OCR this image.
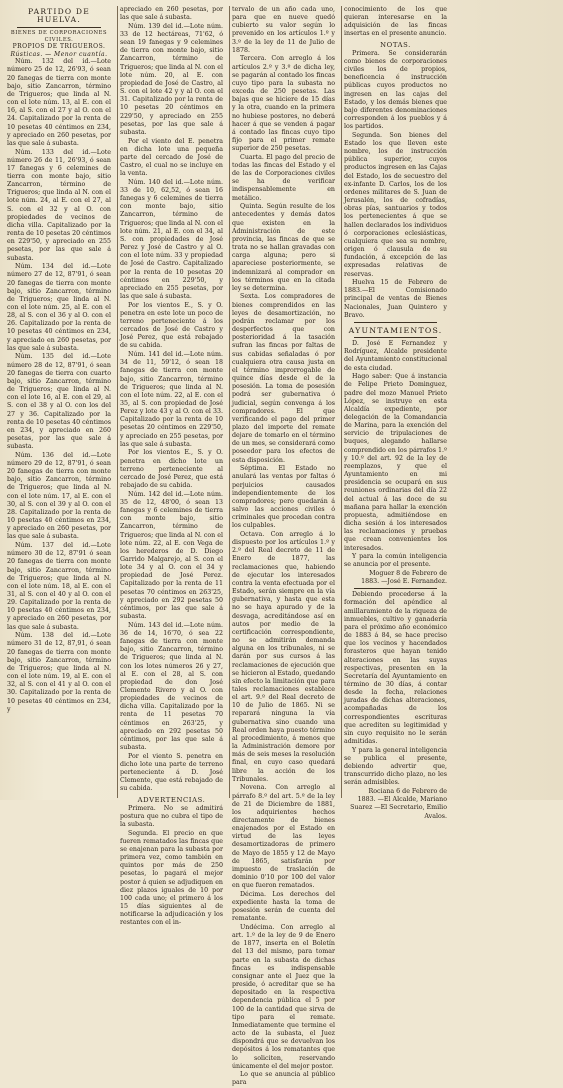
PARTIDO DE HUELVA.
BIENES DE CORPORACIONES CIVILES.
PROPIOS DE TRIGUEROS.
Rústicas. — Menor cuantía.

Núm. 132 del id.—Lote número 25 de 12, 26'93, ó sean 20 fanegas de tierra con monte bajo, sitio Zancarron, término de Trigueros; que linda al N. con el lote núm. 13, al E. con el 16, al S. con el 27 y al O. con el 24. Capitalizado por la renta de 10 pesetas 40 céntimos en 234, y apreciado en 260 pesetas, por las que sale á subasta.

Núm. 133 del id.—Lote número 26 de 11, 26'93, ó sean 17 fanegas y 6 celemines de tierra con monte bajo, sitio Zancarron, término de Trigueros; que linda al N. con el lote núm. 24, al E. con el 27, al S. con el 32 y al O. con propiedades de vecinos de dicha villa. Capitalizado por la renta de 10 pesetas 20 céntimos en 229'50, y apreciado en 255 pesetas, por las que sale á subasta.

Núm. 134 del id.—Lote número 27 de 12, 87'91, ó sean 20 fanegas de tierra con monte bajo, sitio Zancarron, término de Trigueros; que linda al N. con el lote núm. 25, al E. con el 28, al S. con el 36 y al O. con el 26. Capitalizado por la renta de 10 pesetas 40 céntimos en 234, y apreciado en 260 pesetas, por las que sale á subasta.

Núm. 135 del id.—Lote número 28 de 12, 87'91, ó sean 20 fanegas de tierra con cuarto bajo, sitio Zancarron, término de Trigueros; que linda al N. con el lote 16, al E. con el 29, al S. con el 38 y al O. con los del 27 y 36. Capitalizado por la renta de 10 pesetas 40 céntimos en 234, y apreciado en 260 pesetas, por las que sale á subasta.

Núm. 136 del id.—Lote número 29 de 12, 87'91, ó sean 20 fanegas de tierra con monte bajo, sitio Zancarron, término de Trigueros; que linda al N. con el lote núm. 17, al E. con el 30, al S. con el 39 y al O. con el 28. Capitalizado por la renta de 10 pesetas 40 céntimos en 234, y apreciado en 260 pesetas, por las que sale á subasta.

Núm. 137 del id.—Lote número 30 de 12, 87'91 ó sean 20 fanegas de tierra con monte bajo, sitio Zancarron, término de Trigueros; que linda al N. con el lote núm. 18, al E. con el 31, al S. con el 40 y al O. con el 29. Capitalizado por la renta de 10 pesetas 40 céntimos en 234, y apreciado en 260 pesetas, por las que sale á subasta.

Núm. 138 del id.—Lote número 31 de 12, 87,91, ó sean 20 fanegas de tierra con monte bajo, sitio Zancarron, término de Trigueros; que linda al N. con el lote núm. 19, al E. con el 32, al S. con el 41 y al O. con el 30. Capitalizado por la renta de 10 pesetas 40 céntimos en 234, y

apreciado en 260 pesetas, por las que sale á subasta.

Núm. 139 del id.—Lote núm. 33 de 12 hectáreas, 71'62, ó sean 19 fanegas y 9 celemines de tierra con monte bajo, sitio Zancarron, término de Trigueros; que linda al N. con el lote núm. 20, al E. con propiedad de José de Castro, al S. con el lote 42 y y al O. con el 31. Capitalizado por la renta de 10 pesetas 20 céntimos en 229'50, y apreciado en 255 pesetas, por las que sale á subasta.

Por el viento del E. penetra en dicha lote una pequeña parte del cercado de José de Castro, el cual no se incluye en la venta.

Núm. 140 del id.—Lote núm. 33 de 10, 62,52, ó sean 16 fanegas y 6 celemines de tierra con monte bajo, sitio Zancarron, término de Trigueros; que linda al N. con el lote núm. 21, al E. con el 34, al S. con propiedades de José Perez y José de Castro y al O. con el lote núm. 33 y propiedad de José de Castro. Capitalizado por la renta de 10 pesetas 20 céntimos en 229'50, y apreciado en 255 pesetas, por las que sale á subasta.

Por los vientos E., S. y O. penetra en este lote un poco de terreno perteneciente á los cercados de José de Castro y José Perez, que está rebajado de su cabida.

Núm. 141 del id.—Lote núm. 34 de 11, 59'12, ó sean 18 fanegas de tierra con monte bajo, sitio Zancarron, término de Trigueros; que linda al N. con el lote núm. 22, al E. con el 35, al S. con propiedad de José Perez y lote 43 y al O. con el 33. Capitalizado por la renta de 10 pesetas 20 céntimos en 229'50, y apreciado en 255 pesetas, por las que sale á subasta.

Por los vientos E., S. y O. penetra en dicho lote un terreno perteneciente al cercado de José Perez, que está rebajado de su cabida.

Núm. 142 del id.—Lote núm. 35 de 12, 48'00, ó sean 13 fanegas y 6 celemines de tierra con monte bajo, sitio Zancarron, término de Trigueros; que linda al N. con el lote núm. 22, al E. con Vega de los herederos de D. Diego Garrido Malgarejo, al S. con el lote 34 y al O. con el 34 y propiedad de José Perez. Capitalizado por la renta de 11 pesetas 70 céntimos en 263'25, y apreciado en 292 pesetas 50 céntimos, por las que sale á subasta.

Núm. 143 del id.—Lote núm. 36 de 14, 16'70, ó sea 22 fanegas de tierra con monte bajo, sitio Zancarron, término de Trigueros; que linda al N. con los lotes números 26 y 27, al E. con el 28, al S. con propiedad de don José Clemente Rivero y al O. con propiedades de vecinos de dicha villa. Capitalizado por la renta de 11 pesetas 70 céntimos en 263'25, y apreciado en 292 pesetas 50 céntimos, por las que sale á subasta.

Por el viento S. penetra en dicho lote una parte de terreno perteneciente á D. José Clemente, que está rebajado de su cabida.

ADVERTENCIAS.

Primera. No se admitirá postura que no cubra el tipo de la subasta.

Segunda. El precio en que fueren rematados las fincas que se enajenan para la subasta por primera vez, como también en quintos por más de 250 pesetas, lo pagará el mejor postor á quien se adjudiquen en diez plazos iguales de 10 por 100 cada uno; el primero á los 15 días siguientes al de notificarse la adjudicación y los restantes con el in-

tervalo de un año cada uno, para que en nueve quedó cubierto su valor según lo prevenido en los artículos 1.º y 3.º de la ley de 11 de Julio de 1878.

Tercera. Con arreglo á los artículos 2.º y 3.º de dicha ley, se pagarán al contado los fincas cuyo tipo para la subasta no exceda de 250 pesetas. Las bajas que se hiciere de 15 días y la otra, cuando en la primera no hubiese postores, no deberá hacer á que se venden á pagar á contado las fincas cuyo tipo fijo para el primer remate superior de 250 pesetas.

Cuarta. El pago del precio de todas las fincas del Estado y el de las de Corporaciones civiles se ha de verificar indispensablemente en metálico.

Quinta. Según resulte de los antecedentes y demás datos que existen en la Administración de este provincia, las fincas de que se trata no se hallan gravadas con carga alguna; pero si apareciese posteriormente, se indemnizará al comprador en los términos que en la citada ley se determina.

Sexta. Los compradores de bienes comprendidos en las leyes de desamortización, no podrán reclamar por los desperfectos que con posterioridad á la tasación sufran las fincas por faltas de sus cabidas señaladas ó por cualquiera otra causa justa en el término improrrogable de quince días desde el de la posesión. La toma de posesión podrá ser gubernativa ó judicial, según convenga á los compradores. El que verificando el pago del primer plazo del importe del remate dejare de tomarlo en el término de un mes, se considerará como poseedor para los efectos de esta disposición.

Séptima. El Estado no anulará las ventas por faltas ó perjuicios causados independientemente de los compradores; pero quedarán á salvo las acciones civiles ó criminales que procedan contra los culpables.

Octava. Con arreglo á lo dispuesto por los artículos 1.º y 2.º del Real decreto de 11 de Enero de 1877, las reclamaciones que, habiendo de ejecutar los interesados contra la venta efectuada por el Estado, serán siempre en la vía gubernativa, y hasta que esta no se haya apurado y de la desvaga, acreditándose así en autos por medio de la certificación correspondiente, no se admitirán demanda alguna en los tribunales, ni se darán por sus cursos á las reclamaciones de ejecución que se hicieron al Estado, quedando sin efecto la limitación que para tales reclamaciones establece el art. 9.º del Real decreto de 10 de Julio de 1865. Ni se reparará ninguna la vía gubernativa sino cuando una Real orden haya puesto término al procedimiento, á menos que la Administración demore por más de seis meses la resolución final, en cuyo caso quedará libre la acción de los Tribunales.

Novena. Con arreglo al párrafo 8.º del art. 5.º de la ley de 21 de Diciembre de 1881, los adquirientes hechos directamente de bienes enajenados por el Estado en virtud de las leyes desamortizadoras de primero de Mayo de 1855 y 12 de Mayo de 1865, satisfarán por impuesto de traslación de dominio 0'10 por 100 del valor en que fueron rematados.

Décima. Los derechos del expediente hasta la toma de posesión serán de cuenta del rematante.

Undécima. Con arreglo al art. 1.º de la ley de 9 de Enero de 1877, inserta en el Boletín del 13 del mismo, para tomar parte en la subasta de dichas fincas es indispensable consignar ante el Juez que la preside, ó acreditar que se ha depositado en la respectiva dependencia pública el 5 por 100 de la cantidad que sirva de tipo para el remate. Inmediatamente que termine el acto de la subasta, el Juez dispondrá que se devuelvan los depósitos á los rematantes que lo soliciten, reservando únicamente el del mejor postor.

Lo que se anuncia al público para

conocimiento de los que quieran interesarse en la adquisición de las fincas insertas en el presente anuncio.

NOTAS.

Primera. Se considerarán como bienes de corporaciones civiles los de propios, beneficencia é instrucción públicas cuyos productos no ingresen en las cajas del Estado, y los demás bienes que bajo diferentes denominaciones corresponden á los pueblos y á los partidos.

Segunda. Son bienes del Estado los que lleven este nombre, los de instrucción pública superior, cuyos productos ingresen en las Cajas del Estado, los de secuestro del ex-infante D. Carlos, los de los ordenes militares de S. Juan de Jerusalén, los de cofradías, obras pías, santuarios y todos los pertenecientes á que se hallen declarados los individuos ó corporaciones eclesiásticas, cualquiera que sea su nombre, origen ó clausula de su fundación, á excepción de las expresadas relativas de reservas.

Huelva 15 de Febrero de 1883.—El Comisionado principal de ventas de Bienes Nacionales, Juan Quintero y Bravo.

AYUNTAMIENTOS.

D. José E Fernandez y Rodríguez, Alcalde presidente del Ayuntamiento constitucional de esta ciudad.

Hago saber: Que á instancia de Felipe Prieto Dominguez, padre del mozo Manuel Prieto López, se instruye en esta Alcaldía expediente, por delegación de la Comandancia de Marina, para la exención del servicio de tripulaciones de buques, alegando hallarse comprendido en los párrafos 1.º y 10.º del art. 92 de la ley de reemplazos, y que el Ayuntamiento en mi presidencia se ocupará en sus reuniones ordinarias del día 22 del actual á las doce de su mañana para hallar la exención propuesta, admitiéndose en dicha sesión á los interesados las reclamaciones y pruebas que crean convenientes los interesados.

Y para la común inteligencia se anuncia por el presente.

Moguer 8 de Febrero de 1883. —José E. Fernandez.

Debiendo procederse á la formación del apéndice al amillaramiento de la riqueza de inmuebles, cultivo y ganadería para el próximo año económico de 1883 á 84, se hace preciso que los vecinos y hacendados forasteros que hayan tenido alteraciones en las suyas respectivas, presenten en la Secretaría del Ayuntamiento en término de 30 días, á contar desde la fecha, relaciones juradas de dichas alteraciones, acompañadas de los correspondientes escrituras que acrediten su legitimidad y sin cuyo requisito no le serán admitidas.

Y para la general inteligencia se publica el presente, debiendo advertir que, transcurrido dicho plazo, no les serán admisibles.

Rociana 6 de Febrero de 1883. —El Alcalde, Mariano Suarez —El Secretario, Emilio Avalos.
